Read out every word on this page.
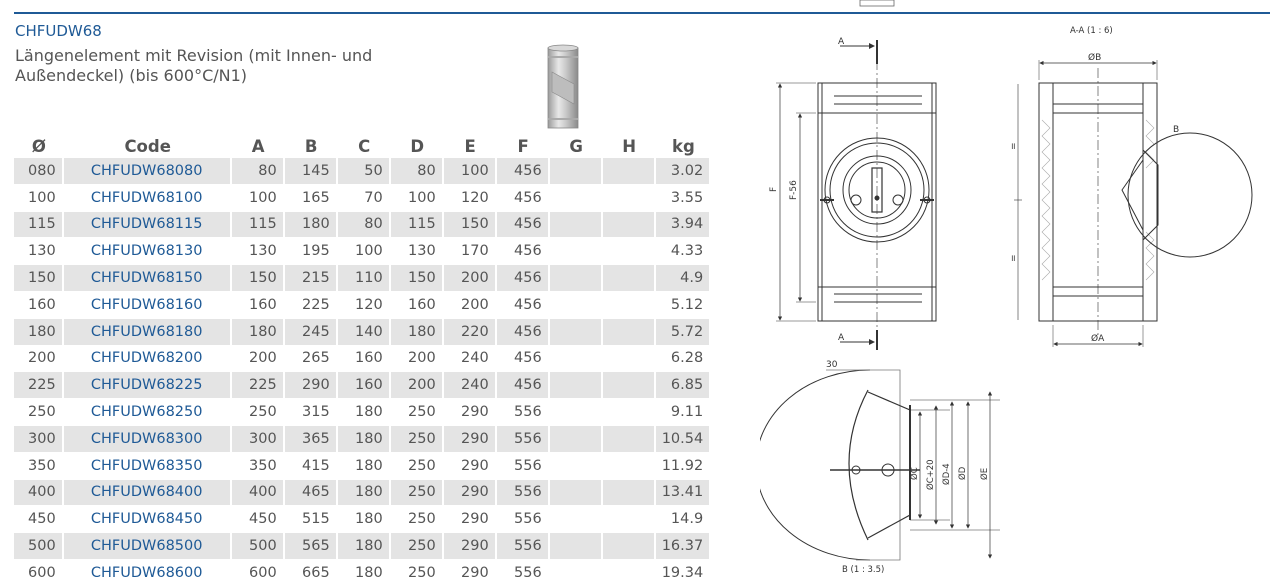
CHFUDW68
Längenelement mit Revision (mit Innen- und Außendeckel) (bis 600°C/N1)
Ø	Code	A	B	C	D	E	F	G	H	kg
080	CHFUDW68080	80	145	50	80	100	456			3.02
100	CHFUDW68100	100	165	70	100	120	456			3.55
115	CHFUDW68115	115	180	80	115	150	456			3.94
130	CHFUDW68130	130	195	100	130	170	456			4.33
150	CHFUDW68150	150	215	110	150	200	456			4.9
160	CHFUDW68160	160	225	120	160	200	456			5.12
180	CHFUDW68180	180	245	140	180	220	456			5.72
200	CHFUDW68200	200	265	160	200	240	456			6.28
225	CHFUDW68225	225	290	160	200	240	456			6.85
250	CHFUDW68250	250	315	180	250	290	556			9.11
300	CHFUDW68300	300	365	180	250	290	556			10.54
350	CHFUDW68350	350	415	180	250	290	556			11.92
400	CHFUDW68400	400	465	180	250	290	556			13.41
450	CHFUDW68450	450	515	180	250	290	556			14.9
500	CHFUDW68500	500	565	180	250	290	556			16.37
600	CHFUDW68600	600	665	180	250	290	556			19.34
A
A
F F-56
A-A (1 : 6)
ØB
ØA
=
=
B
30
ØC ØC+20 ØD-4 ØD ØE
B (1 : 3.5)
